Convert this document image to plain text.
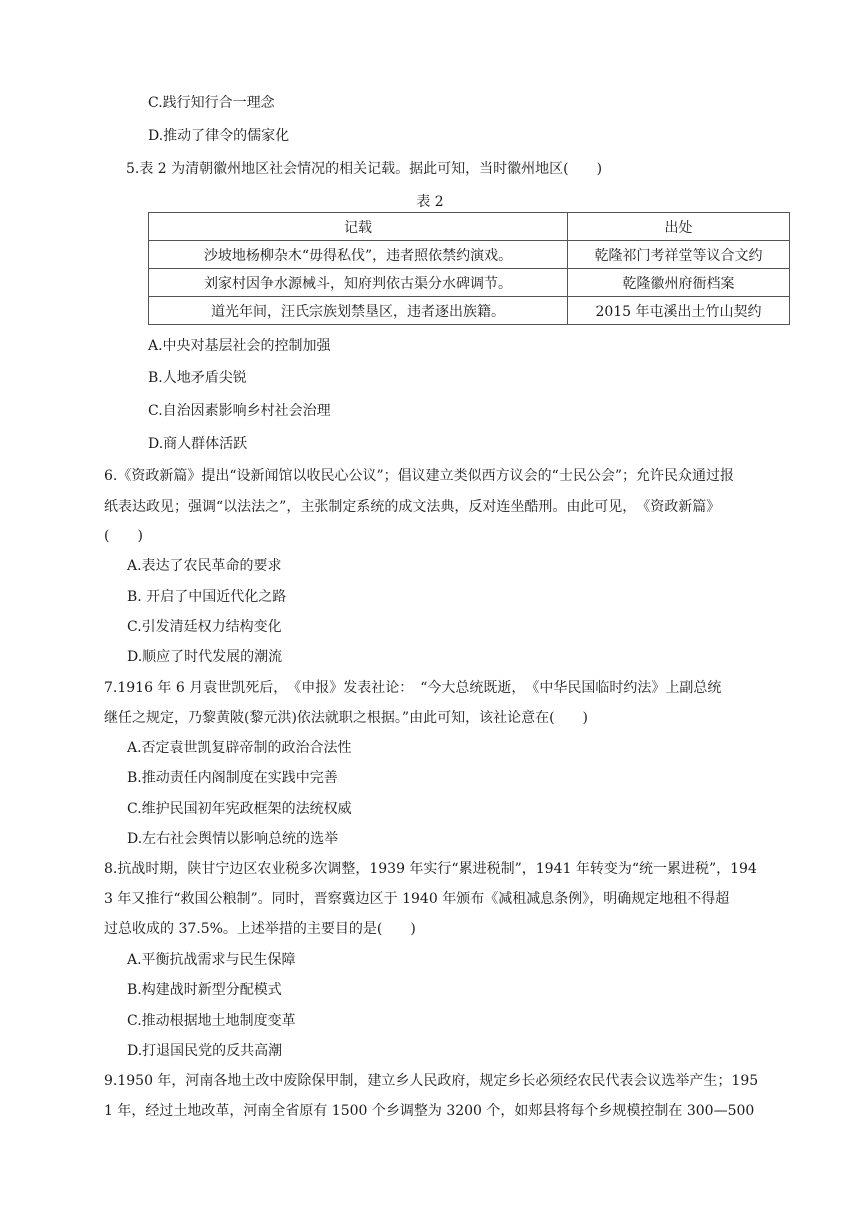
C.践行知行合一理念
D.推动了律令的儒家化
5.表 2 为清朝徽州地区社会情况的相关记载。据此可知，当时徽州地区(　　)
表 2
记载	出处
沙坡地杨柳杂木“毋得私伐”，违者照依禁约演戏。	乾隆祁门考祥堂等议合文约
刘家村因争水源械斗，知府判依古渠分水碑调节。	乾隆徽州府衙档案
道光年间，汪氏宗族划禁垦区，违者逐出族籍。	2015 年屯溪出土竹山契约
A.中央对基层社会的控制加强
B.人地矛盾尖锐
C.自治因素影响乡村社会治理
D.商人群体活跃
6.《资政新篇》提出“设新闻馆以收民心公议”；倡议建立类似西方议会的“士民公会”；允许民众通过报
纸表达政见；强调“以法法之”，主张制定系统的成文法典，反对连坐酷刑。由此可见，　《资政新篇》
(　　)
A.表达了农民革命的要求
B. 开启了中国近代化之路
C.引发清廷权力结构变化
D.顺应了时代发展的潮流
7.1916 年 6 月袁世凯死后，　《申报》发表社论：　“今大总统既逝，　《中华民国临时约法》上副总统
继任之规定，乃黎黄陂(黎元洪)依法就职之根据。”由此可知，该社论意在(　　)
A.否定袁世凯复辟帝制的政治合法性
B.推动责任内阁制度在实践中完善
C.维护民国初年宪政框架的法统权威
D.左右社会舆情以影响总统的选举
8.抗战时期，陕甘宁边区农业税多次调整，1939 年实行“累进税制”，1941 年转变为“统一累进税”，194
3 年又推行“救国公粮制”。同时，晋察冀边区于 1940 年颁布《减租减息条例》，明确规定地租不得超
过总收成的 37.5%。上述举措的主要目的是(　　)
A.平衡抗战需求与民生保障
B.构建战时新型分配模式
C.推动根据地土地制度变革
D.打退国民党的反共高潮
9.1950 年，河南各地土改中废除保甲制，建立乡人民政府，规定乡长必须经农民代表会议选举产生；195
1 年，经过土地改革，河南全省原有 1500 个乡调整为 3200 个，如郏县将每个乡规模控制在 300—500
